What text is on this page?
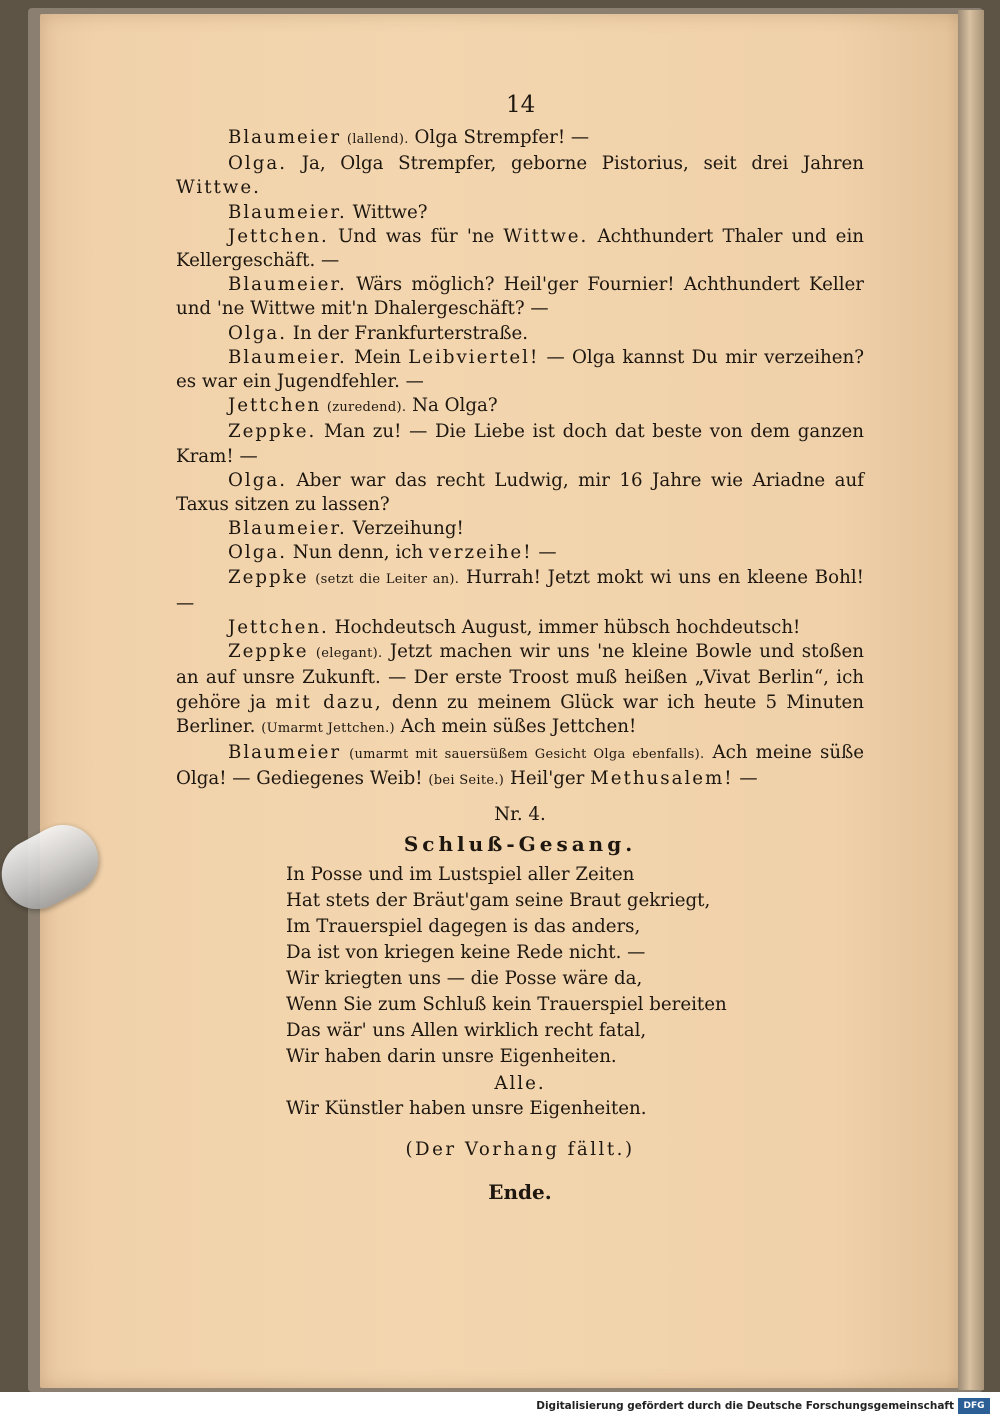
14

Blaumeier (lallend). Olga Strempfer! —

Olga. Ja, Olga Strempfer, geborne Pistorius, seit drei Jahren Wittwe.

Blaumeier. Wittwe?

Jettchen. Und was für 'ne Wittwe. Achthundert Thaler und ein Kellergeschäft. —

Blaumeier. Wärs möglich? Heil'ger Fournier! Achthundert Keller und 'ne Wittwe mit'n Dhalergeschäft? —

Olga. In der Frankfurterstraße.

Blaumeier. Mein Leibviertel! — Olga kannst Du mir verzeihen? es war ein Jugendfehler. —

Jettchen (zuredend). Na Olga?

Zeppke. Man zu! — Die Liebe ist doch dat beste von dem ganzen Kram! —

Olga. Aber war das recht Ludwig, mir 16 Jahre wie Ariadne auf Taxus sitzen zu lassen?

Blaumeier. Verzeihung!

Olga. Nun denn, ich verzeihe! —

Zeppke (setzt die Leiter an). Hurrah! Jetzt mokt wi uns en kleene Bohl! —

Jettchen. Hochdeutsch August, immer hübsch hochdeutsch!

Zeppke (elegant). Jetzt machen wir uns 'ne kleine Bowle und stoßen an auf unsre Zukunft. — Der erste Troost muß heißen „Vivat Berlin“, ich gehöre ja mit dazu, denn zu meinem Glück war ich heute 5 Minuten Berliner. (Umarmt Jettchen.) Ach mein süßes Jettchen!

Blaumeier (umarmt mit sauersüßem Gesicht Olga ebenfalls). Ach meine süße Olga! — Gediegenes Weib! (bei Seite.) Heil'ger Methusalem! —

Nr. 4.

Schluß-Gesang.

In Posse und im Lustspiel aller Zeiten

Hat stets der Bräut'gam seine Braut gekriegt,

Im Trauerspiel dagegen is das anders,

Da ist von kriegen keine Rede nicht. —

Wir kriegten uns — die Posse wäre da,

Wenn Sie zum Schluß kein Trauerspiel bereiten

Das wär' uns Allen wirklich recht fatal,

Wir haben darin unsre Eigenheiten.

Alle.

Wir Künstler haben unsre Eigenheiten.

(Der Vorhang fällt.)

Ende.

Digitalisierung gefördert durch die Deutsche Forschungsgemeinschaft	DFG
